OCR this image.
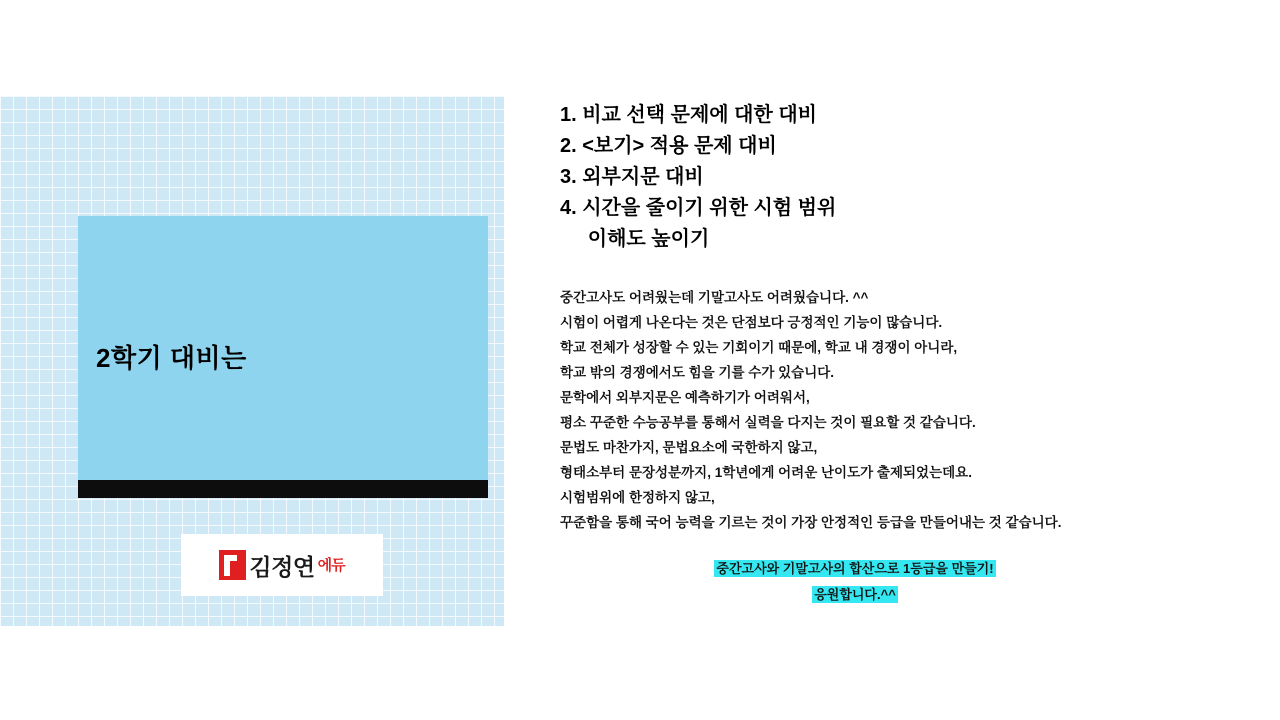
2학기 대비는
김정연 에듀
1. 비교 선택 문제에 대한 대비
2. <보기> 적용 문제 대비
3. 외부지문 대비
4. 시간을 줄이기 위한 시험 범위
이해도 높이기

중간고사도 어려웠는데 기말고사도 어려웠습니다. ^^

시험이 어렵게 나온다는 것은 단점보다 긍정적인 기능이 많습니다.

학교 전체가 성장할 수 있는 기회이기 때문에, 학교 내 경쟁이 아니라,

학교 밖의 경쟁에서도 힘을 기를 수가 있습니다.

문학에서 외부지문은 예측하기가 어려워서,

평소 꾸준한 수능공부를 통해서 실력을 다지는 것이 필요할 것 같습니다.

문법도 마찬가지, 문법요소에 국한하지 않고,

형태소부터 문장성분까지, 1학년에게 어려운 난이도가 출제되었는데요.

시험범위에 한정하지 않고,

꾸준함을 통해 국어 능력을 기르는 것이 가장 안정적인 등급을 만들어내는 것 같습니다.

중간고사와 기말고사의 합산으로 1등급을 만들기!

응원합니다.^^
